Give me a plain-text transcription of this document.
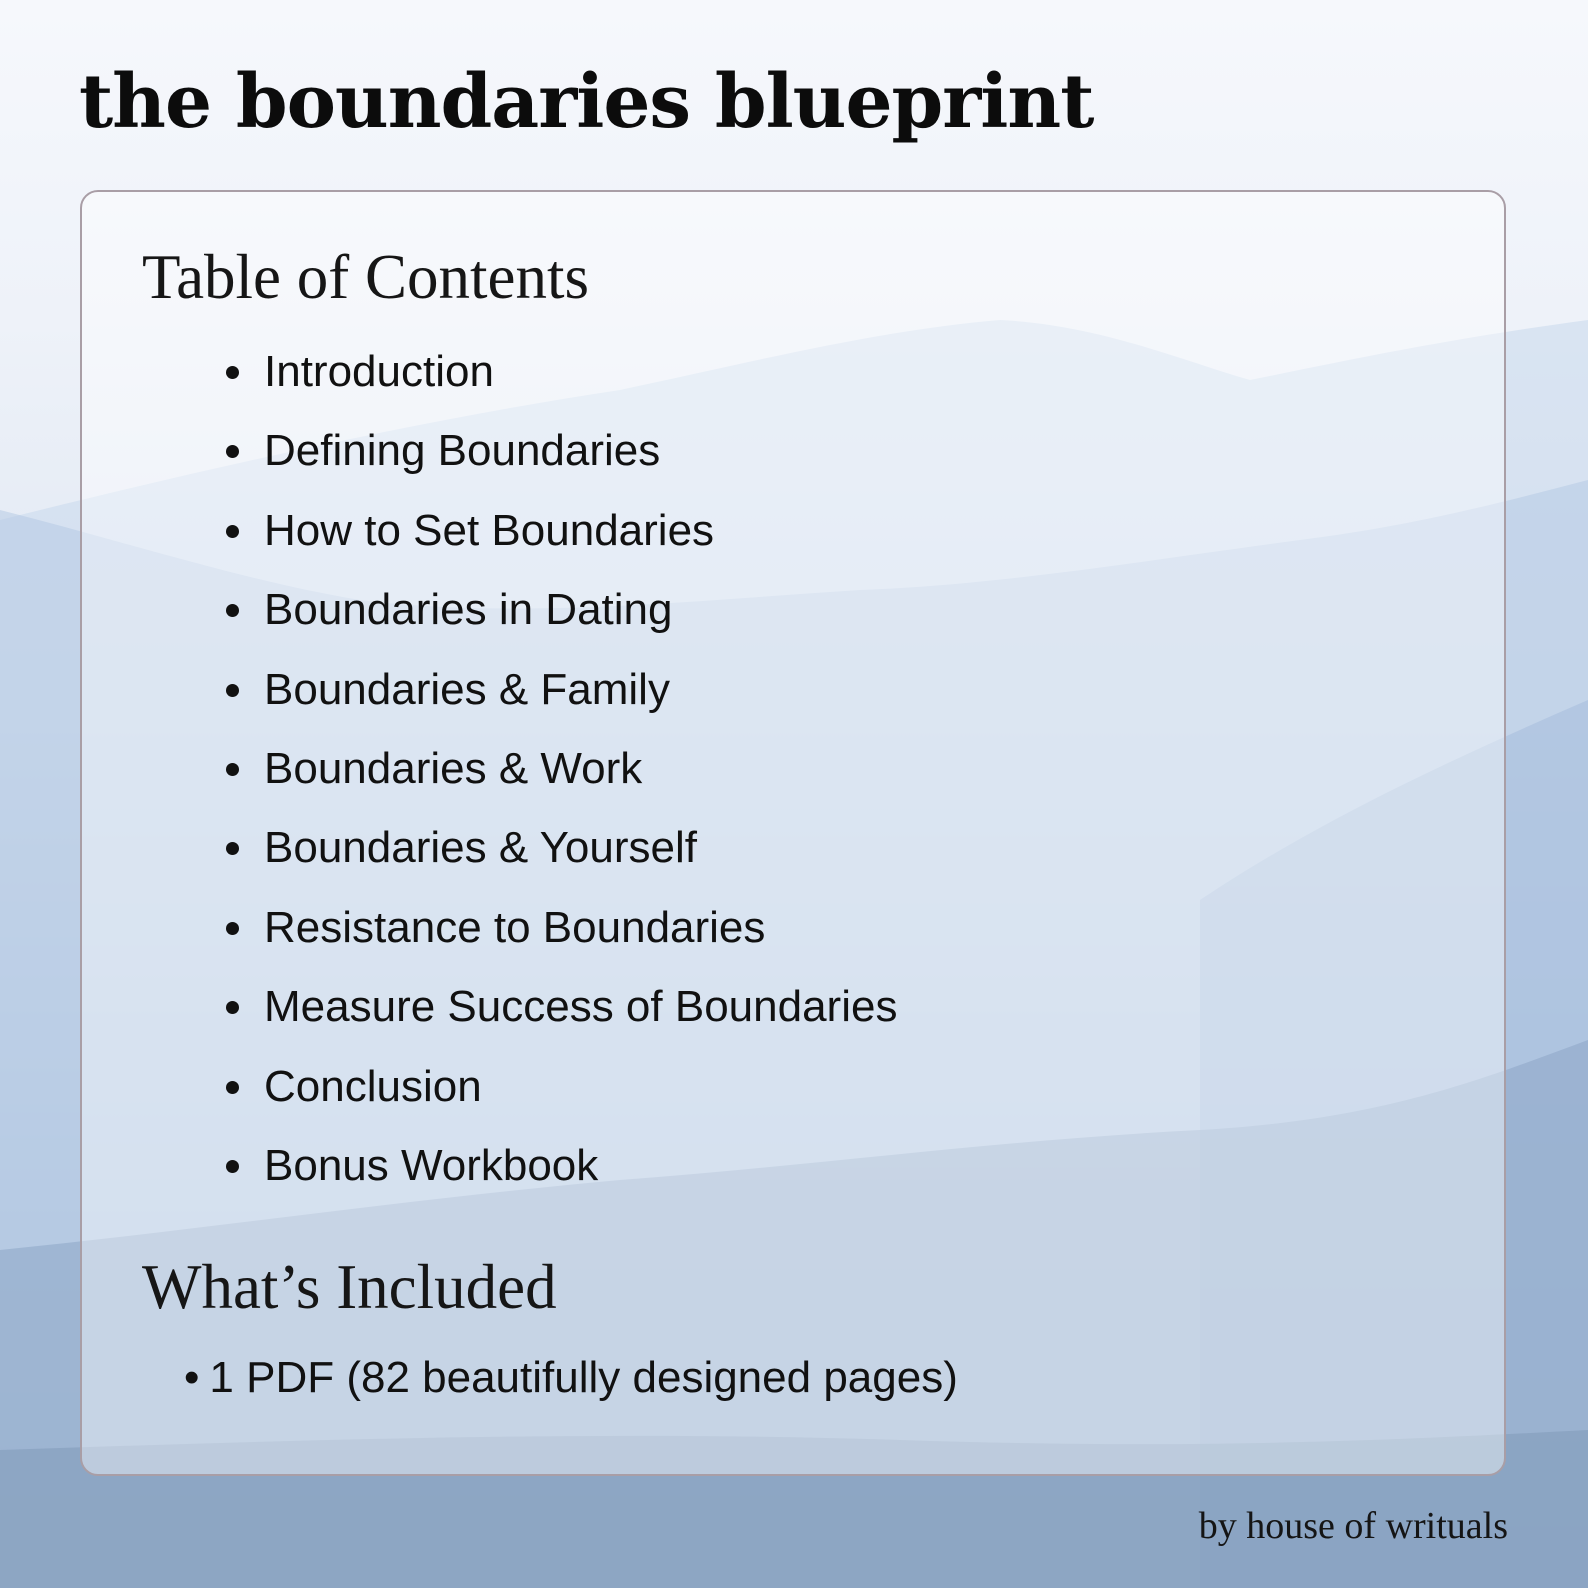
the boundaries blueprint
Table of Contents
Introduction
Defining Boundaries
How to Set Boundaries
Boundaries in Dating
Boundaries & Family
Boundaries & Work
Boundaries & Yourself
Resistance to Boundaries
Measure Success of Boundaries
Conclusion
Bonus Workbook
What’s Included
• 1 PDF (82 beautifully designed pages)

by house of writuals
